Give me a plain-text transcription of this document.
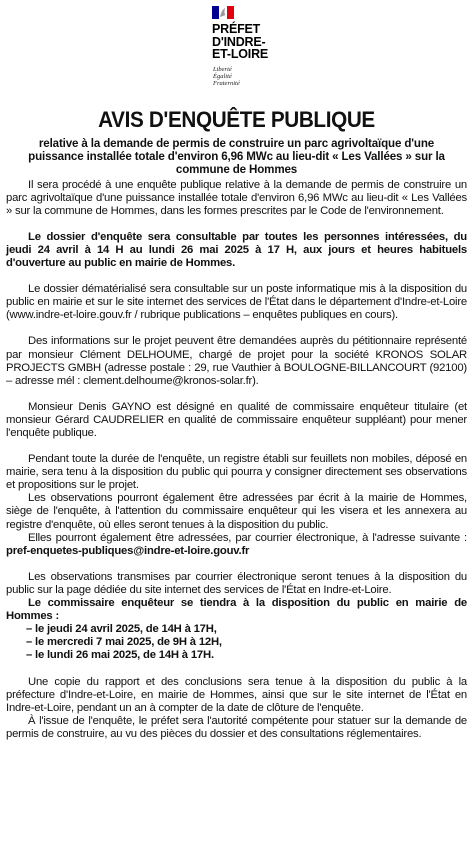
PRÉFET
D'INDRE-
ET-LOIRE
Liberté
Égalité
Fraternité
AVIS D'ENQUÊTE PUBLIQUE
relative à la demande de permis de construire un parc agrivoltaïque d'une puissance installée totale d'environ 6,96 MWc au lieu-dit « Les Vallées » sur la commune de Hommes

Il sera procédé à une enquête publique relative à la demande de permis de construire un parc agrivoltaïque d'une puissance installée totale d'environ 6,96 MWc au lieu-dit « Les Vallées » sur la commune de Hommes, dans les formes prescrites par le Code de l'environnement.

Le dossier d'enquête sera consultable par toutes les personnes intéressées, du jeudi 24 avril à 14 H au lundi 26 mai 2025 à 17 H, aux jours et heures habituels d'ouverture au public en mairie de Hommes.

Le dossier dématérialisé sera consultable sur un poste informatique mis à la disposition du public en mairie et sur le site internet des services de l'État dans le département d'Indre-et-Loire (www.indre-et-loire.gouv.fr / rubrique publications – enquêtes publiques en cours).

Des informations sur le projet peuvent être demandées auprès du pétitionnaire représenté par monsieur Clément DELHOUME, chargé de projet pour la société KRONOS SOLAR PROJECTS GMBH (adresse postale : 29, rue Vauthier à BOULOGNE-BILLANCOURT (92100) – adresse mél : clement.delhoume@kronos-solar.fr).

Monsieur Denis GAYNO est désigné en qualité de commissaire enquêteur titulaire (et monsieur Gérard CAUDRELIER en qualité de commissaire enquêteur suppléant) pour mener l'enquête publique.

Pendant toute la durée de l'enquête, un registre établi sur feuillets non mobiles, déposé en mairie, sera tenu à la disposition du public qui pourra y consigner directement ses observations et propositions sur le projet.

Les observations pourront également être adressées par écrit à la mairie de Hommes, siège de l'enquête, à l'attention du commissaire enquêteur qui les visera et les annexera au registre d'enquête, où elles seront tenues à la disposition du public.

Elles pourront également être adressées, par courrier électronique, à l'adresse suivante : pref-enquetes-publiques@indre-et-loire.gouv.fr

Les observations transmises par courrier électronique seront tenues à la disposition du public sur la page dédiée du site internet des services de l'État en Indre-et-Loire.

Le commissaire enquêteur se tiendra à la disposition du public en mairie de Hommes :

– le jeudi 24 avril 2025, de 14H à 17H,
– le mercredi 7 mai 2025, de 9H à 12H,
– le lundi 26 mai 2025, de 14H à 17H.

Une copie du rapport et des conclusions sera tenue à la disposition du public à la préfecture d'Indre-et-Loire, en mairie de Hommes, ainsi que sur le site internet de l'État en Indre-et-Loire, pendant un an à compter de la date de clôture de l'enquête.

À l'issue de l'enquête, le préfet sera l'autorité compétente pour statuer sur la demande de permis de construire, au vu des pièces du dossier et des consultations réglementaires.
